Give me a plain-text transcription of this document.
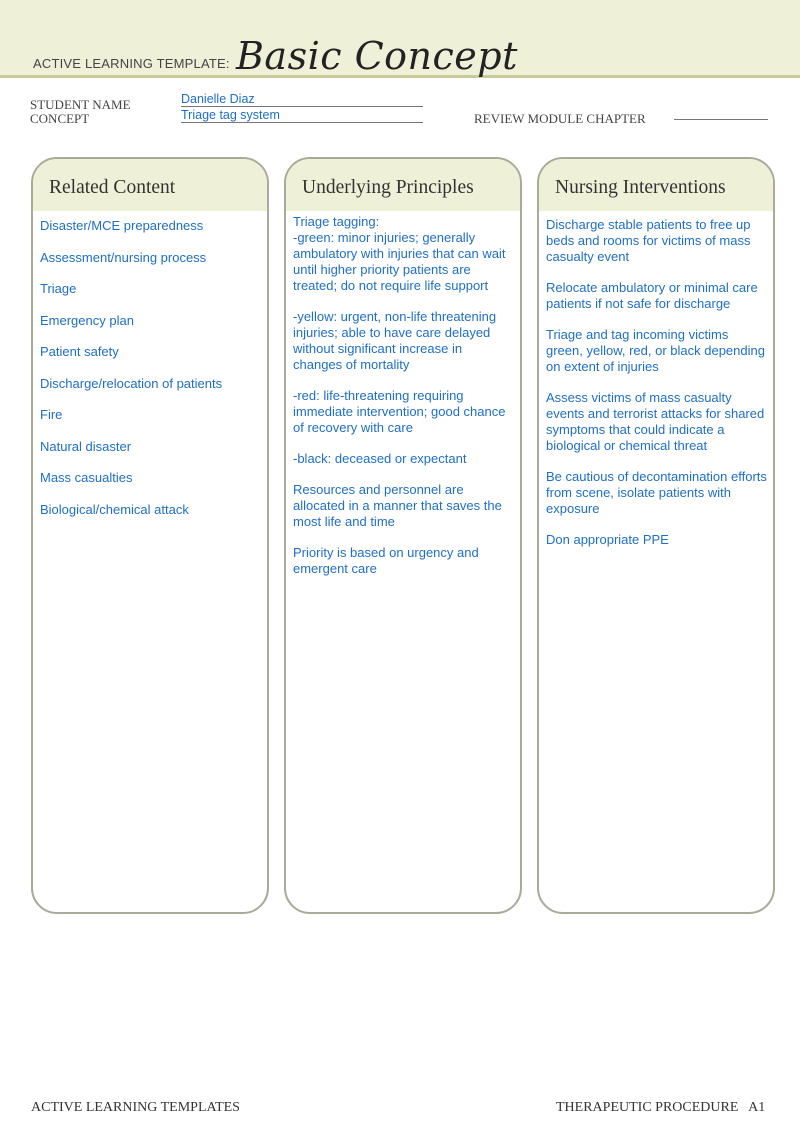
ACTIVE LEARNING TEMPLATE: Basic Concept
STUDENT NAME	Danielle Diaz
CONCEPT	Triage tag system	REVIEW MODULE CHAPTER
Related Content
Disaster/MCE preparedness
Assessment/nursing process
Triage
Emergency plan
Patient safety
Discharge/relocation of patients
Fire
Natural disaster
Mass casualties
Biological/chemical attack
Underlying Principles

Triage tagging:
-green: minor injuries; generally ambulatory with injuries that can wait until higher priority patients are treated; do not require life support

-yellow: urgent, non-life threatening injuries; able to have care delayed without significant increase in changes of mortality

-red: life-threatening requiring immediate intervention; good chance of recovery with care

-black: deceased or expectant

Resources and personnel are allocated in a manner that saves the most life and time

Priority is based on urgency and emergent care

Nursing Interventions

Discharge stable patients to free up beds and rooms for victims of mass casualty event

Relocate ambulatory or minimal care patients if not safe for discharge

Triage and tag incoming victims green, yellow, red, or black depending on extent of injuries

Assess victims of mass casualty events and terrorist attacks for shared symptoms that could indicate a biological or chemical threat

Be cautious of decontamination efforts from scene, isolate patients with exposure

Don appropriate PPE

ACTIVE LEARNING TEMPLATES	THERAPEUTIC PROCEDURE   A1
